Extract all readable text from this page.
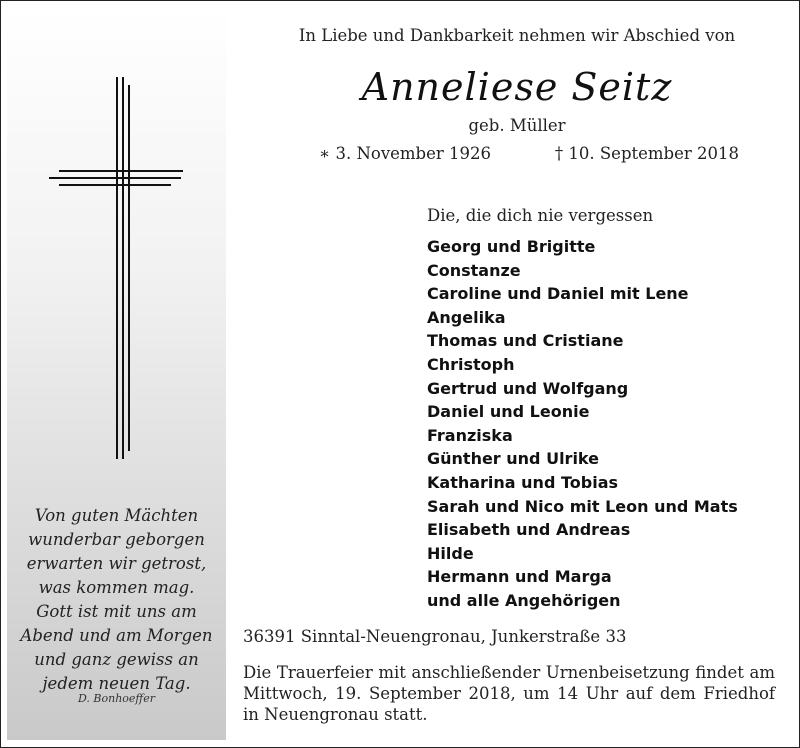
Von guten Mächten
wunderbar geborgen
erwarten wir getrost,
was kommen mag.
Gott ist mit uns am
Abend und am Morgen
und ganz gewiss an
jedem neuen Tag.
D. Bonhoeffer
In Liebe und Dankbarkeit nehmen wir Abschied von
Anneliese Seitz
geb. Müller
∗ 3. November 1926	† 10. September 2018
Die, die dich nie vergessen
Georg und Brigitte
Constanze
Caroline und Daniel mit Lene
Angelika
Thomas und Cristiane
Christoph
Gertrud und Wolfgang
Daniel und Leonie
Franziska
Günther und Ulrike
Katharina und Tobias
Sarah und Nico mit Leon und Mats
Elisabeth und Andreas
Hilde
Hermann und Marga
und alle Angehörigen
36391 Sinntal-Neuengronau, Junkerstraße 33
Die Trauerfeier mit anschließender Urnenbeisetzung findet am Mittwoch, 19. September 2018, um 14 Uhr auf dem Friedhof in Neuengronau statt.
